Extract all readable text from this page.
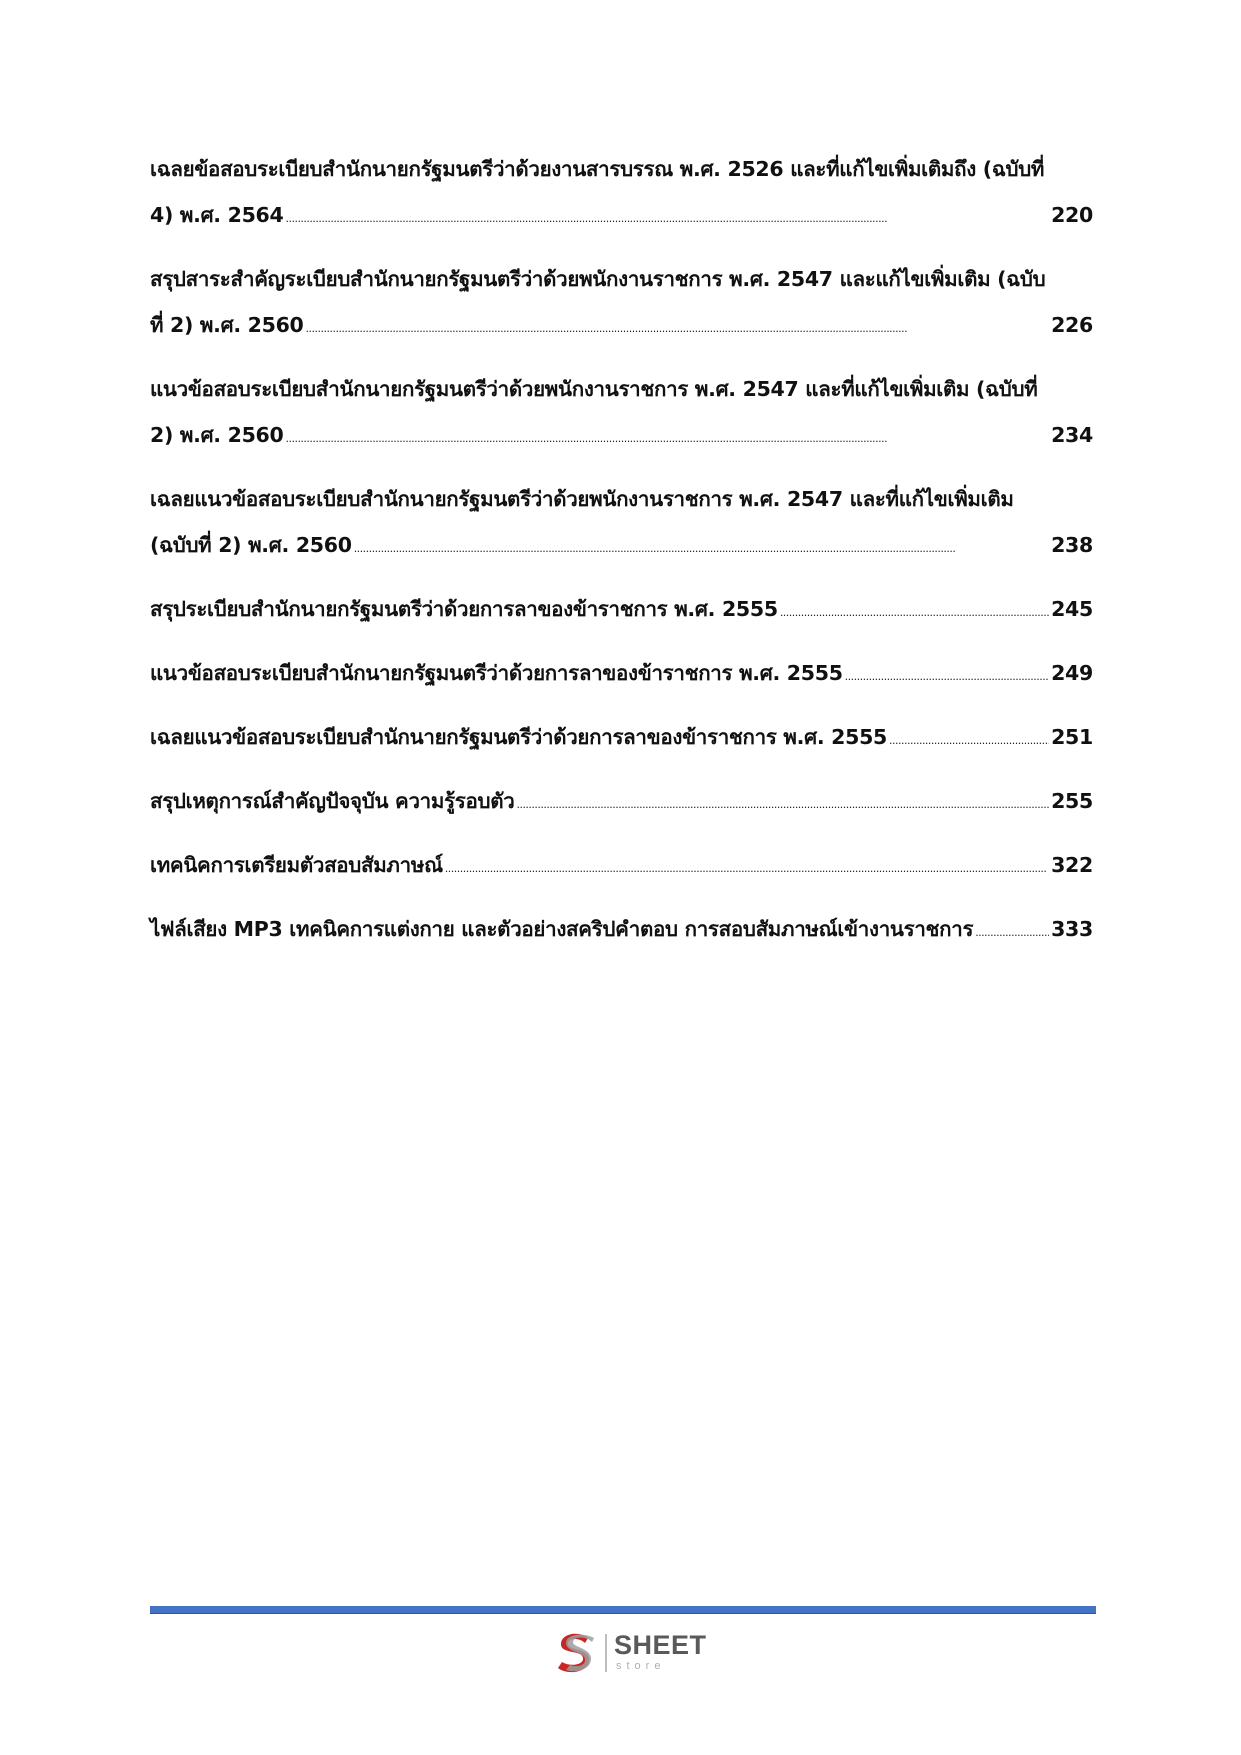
เฉลยข้อสอบระเบียบสำนักนายกรัฐมนตรีว่าด้วยงานสารบรรณ พ.ศ. 2526 และที่แก้ไขเพิ่มเติมถึง (ฉบับที่
4) พ.ศ. 2564 . . .	220
สรุปสาระสำคัญระเบียบสำนักนายกรัฐมนตรีว่าด้วยพนักงานราชการ พ.ศ. 2547 และแก้ไขเพิ่มเติม (ฉบับ
ที่ 2) พ.ศ. 2560 . . .	226
แนวข้อสอบระเบียบสำนักนายกรัฐมนตรีว่าด้วยพนักงานราชการ พ.ศ. 2547 และที่แก้ไขเพิ่มเติม (ฉบับที่
2) พ.ศ. 2560 . . .	234
เฉลยแนวข้อสอบระเบียบสำนักนายกรัฐมนตรีว่าด้วยพนักงานราชการ พ.ศ. 2547 และที่แก้ไขเพิ่มเติม
(ฉบับที่ 2) พ.ศ. 2560 . . .	238
สรุประเบียบสำนักนายกรัฐมนตรีว่าด้วยการลาของข้าราชการ พ.ศ. 2555 . . .	245
แนวข้อสอบระเบียบสำนักนายกรัฐมนตรีว่าด้วยการลาของข้าราชการ พ.ศ. 2555 . . .	249
เฉลยแนวข้อสอบระเบียบสำนักนายกรัฐมนตรีว่าด้วยการลาของข้าราชการ พ.ศ. 2555 . . .	251
สรุปเหตุการณ์สำคัญปัจจุบัน ความรู้รอบตัว . . .	255
เทคนิคการเตรียมตัวสอบสัมภาษณ์ . . .	322
ไฟล์เสียง MP3 เทคนิคการแต่งกาย และตัวอย่างสคริปคำตอบ การสอบสัมภาษณ์เข้างานราชการ . . .	333
SHEET
store
